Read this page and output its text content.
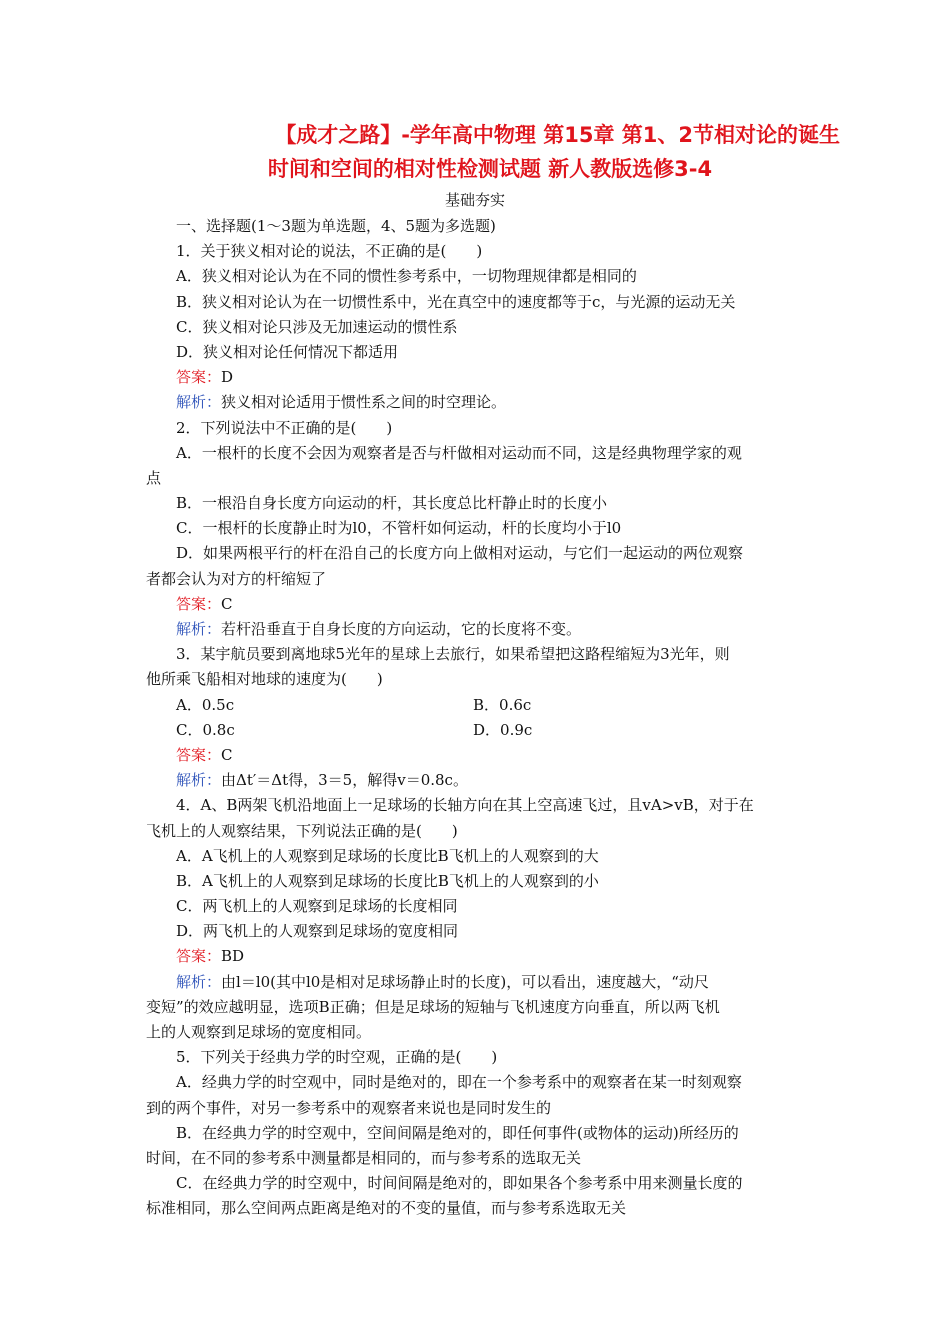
【成才之路】-学年高中物理 第15章 第1、2节相对论的诞生
时间和空间的相对性检测试题 新人教版选修3-4
基础夯实
一、选择题(1～3题为单选题，4、5题为多选题)
1．关于狭义相对论的说法，不正确的是(　　)
A．狭义相对论认为在不同的惯性参考系中，一切物理规律都是相同的
B．狭义相对论认为在一切惯性系中，光在真空中的速度都等于c，与光源的运动无关
C．狭义相对论只涉及无加速运动的惯性系
D．狭义相对论任何情况下都适用
答案：D
解析：狭义相对论适用于惯性系之间的时空理论。
2．下列说法中不正确的是(　　)
A．一根杆的长度不会因为观察者是否与杆做相对运动而不同，这是经典物理学家的观
点
B．一根沿自身长度方向运动的杆，其长度总比杆静止时的长度小
C．一根杆的长度静止时为l0，不管杆如何运动，杆的长度均小于l0
D．如果两根平行的杆在沿自己的长度方向上做相对运动，与它们一起运动的两位观察
者都会认为对方的杆缩短了
答案：C
解析：若杆沿垂直于自身长度的方向运动，它的长度将不变。
3．某宇航员要到离地球5光年的星球上去旅行，如果希望把这路程缩短为3光年，则
他所乘飞船相对地球的速度为(　　)
A．0.5c	B．0.6c
C．0.8c	D．0.9c
答案：C
解析：由Δt′＝Δt得，3＝5，解得v＝0.8c。
4．A、B两架飞机沿地面上一足球场的长轴方向在其上空高速飞过，且vA>vB，对于在
飞机上的人观察结果，下列说法正确的是(　　)
A．A飞机上的人观察到足球场的长度比B飞机上的人观察到的大
B．A飞机上的人观察到足球场的长度比B飞机上的人观察到的小
C．两飞机上的人观察到足球场的长度相同
D．两飞机上的人观察到足球场的宽度相同
答案：BD
解析：由l＝l0(其中l0是相对足球场静止时的长度)，可以看出，速度越大，“动尺
变短”的效应越明显，选项B正确；但是足球场的短轴与飞机速度方向垂直，所以两飞机
上的人观察到足球场的宽度相同。
5．下列关于经典力学的时空观，正确的是(　　)
A．经典力学的时空观中，同时是绝对的，即在一个参考系中的观察者在某一时刻观察
到的两个事件，对另一参考系中的观察者来说也是同时发生的
B．在经典力学的时空观中，空间间隔是绝对的，即任何事件(或物体的运动)所经历的
时间，在不同的参考系中测量都是相同的，而与参考系的选取无关
C．在经典力学的时空观中，时间间隔是绝对的，即如果各个参考系中用来测量长度的
标准相同，那么空间两点距离是绝对的不变的量值，而与参考系选取无关
